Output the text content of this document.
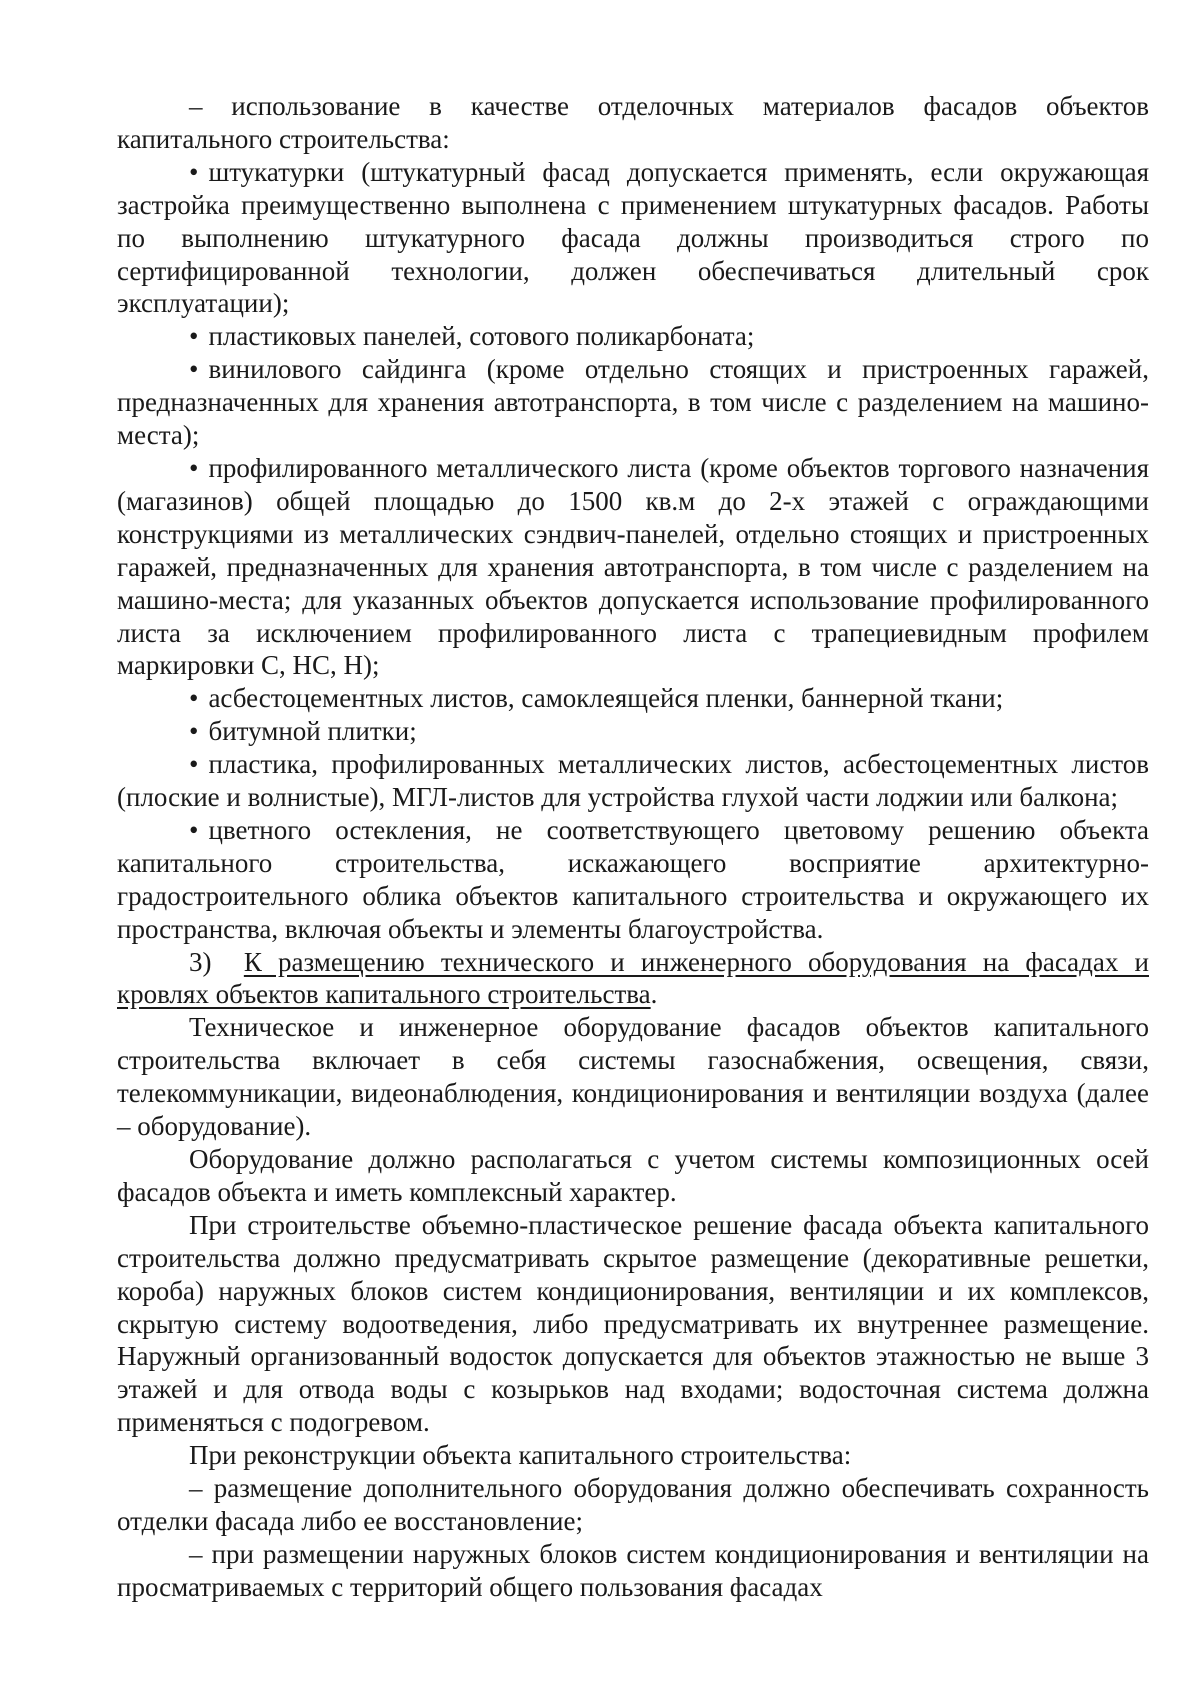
– использование в качестве отделочных материалов фасадов объектов капитального строительства:

• штукатурки (штукатурный фасад допускается применять, если окружающая застройка преимущественно выполнена с применением штукатурных фасадов. Работы по выполнению штукатурного фасада должны производиться строго по сертифицированной технологии, должен обеспечиваться длительный срок эксплуатации);

• пластиковых панелей, сотового поликарбоната;

• винилового сайдинга (кроме отдельно стоящих и пристроенных гаражей, предназначенных для хранения автотранспорта, в том числе с разделением на машино-места);

• профилированного металлического листа (кроме объектов торгового назначения (магазинов) общей площадью до 1500 кв.м до 2-х этажей с ограждающими конструкциями из металлических сэндвич-панелей, отдельно стоящих и пристроенных гаражей, предназначенных для хранения автотранспорта, в том числе с разделением на машино-места; для указанных объектов допускается использование профилированного листа за исключением профилированного листа с трапециевидным профилем маркировки С, НС, Н);

• асбестоцементных листов, самоклеящейся пленки, баннерной ткани;

• битумной плитки;

• пластика, профилированных металлических листов, асбестоцементных листов (плоские и волнистые), МГЛ-листов для устройства глухой части лоджии или балкона;

• цветного остекления, не соответствующего цветовому решению объекта капитального строительства, искажающего восприятие архитектурно-градостроительного облика объектов капитального строительства и окружающего их пространства, включая объекты и элементы благоустройства.

3) К размещению технического и инженерного оборудования на фасадах и кровлях объектов капитального строительства.

Техническое и инженерное оборудование фасадов объектов капитального строительства включает в себя системы газоснабжения, освещения, связи, телекоммуникации, видеонаблюдения, кондиционирования и вентиляции воздуха (далее – оборудование).

Оборудование должно располагаться с учетом системы композиционных осей фасадов объекта и иметь комплексный характер.

При строительстве объемно-пластическое решение фасада объекта капитального строительства должно предусматривать скрытое размещение (декоративные решетки, короба) наружных блоков систем кондиционирования, вентиляции и их комплексов, скрытую систему водоотведения, либо предусматривать их внутреннее размещение. Наружный организованный водосток допускается для объектов этажностью не выше 3 этажей и для отвода воды с козырьков над входами; водосточная система должна применяться с подогревом.

При реконструкции объекта капитального строительства:

– размещение дополнительного оборудования должно обеспечивать сохранность отделки фасада либо ее восстановление;

– при размещении наружных блоков систем кондиционирования и вентиляции на просматриваемых с территорий общего пользования фасадах
